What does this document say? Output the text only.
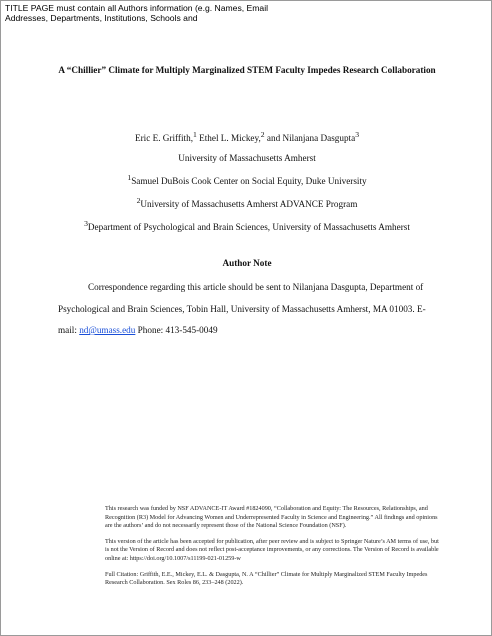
TITLE PAGE must contain all Authors information (e.g. Names, Email Addresses, Departments, Institutions, Schools and
A “Chillier” Climate for Multiply Marginalized STEM Faculty Impedes Research Collaboration
Eric E. Griffith,$^1$ Ethel L. Mickey,$^2$ and Nilanjana Dasgupta$^3$
University of Massachusetts Amherst
$^1$Samuel DuBois Cook Center on Social Equity, Duke University
$^2$University of Massachusetts Amherst ADVANCE Program
$^3$Department of Psychological and Brain Sciences, University of Massachusetts Amherst
Author Note
Correspondence regarding this article should be sent to Nilanjana Dasgupta, Department of Psychological and Brain Sciences, Tobin Hall, University of Massachusetts Amherst, MA 01003. E-mail: nd@umass.edu Phone: 413-545-0049

This research was funded by NSF ADVANCE-IT Award #1824090, “Collaboration and Equity: The Resources, Relationships, and Recognition (R3) Model for Advancing Women and Underrepresented Faculty in Science and Engineering.” All findings and opinions are the authors’ and do not necessarily represent those of the National Science Foundation (NSF).

This version of the article has been accepted for publication, after peer review and is subject to Springer Nature’s AM terms of use, but is not the Version of Record and does not reflect post-acceptance improvements, or any corrections. The Version of Record is available online at: https://doi.org/10.1007/s11199-021-01259-w

Full Citation: Griffith, E.E., Mickey, E.L. & Dasgupta, N. A “Chillier” Climate for Multiply Marginalized STEM Faculty Impedes Research Collaboration. Sex Roles 86, 233–248 (2022).
